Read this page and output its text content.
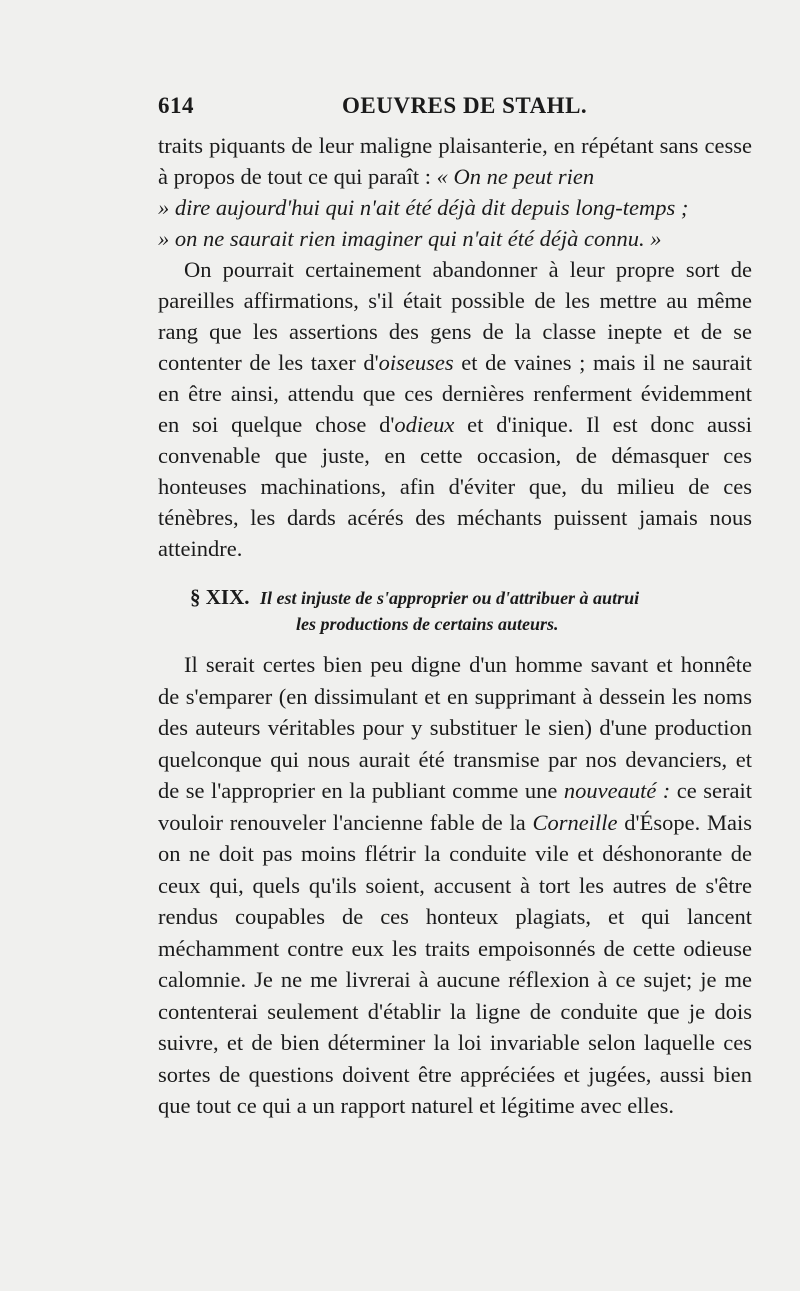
614	OEUVRES DE STAHL.

traits piquants de leur maligne plaisanterie, en répétant sans cesse à propos de tout ce qui paraît : « On ne peut rien
» dire aujourd'hui qui n'ait été déjà dit depuis long-temps ;
» on ne saurait rien imaginer qui n'ait été déjà connu. »

On pourrait certainement abandonner à leur propre sort de pareilles affirmations, s'il était possible de les mettre au même rang que les assertions des gens de la classe inepte et de se contenter de les taxer d'oiseuses et de vaines ; mais il ne saurait en être ainsi, attendu que ces dernières renferment évidemment en soi quelque chose d'odieux et d'inique. Il est donc aussi convenable que juste, en cette occasion, de démasquer ces honteuses machinations, afin d'éviter que, du milieu de ces ténèbres, les dards acérés des méchants puissent jamais nous atteindre.

§ XIX. Il est injuste de s'approprier ou d'attribuer à autrui
les productions de certains auteurs.

Il serait certes bien peu digne d'un homme savant et honnête de s'emparer (en dissimulant et en supprimant à dessein les noms des auteurs véritables pour y substituer le sien) d'une production quelconque qui nous aurait été transmise par nos devanciers, et de se l'approprier en la publiant comme une nouveauté : ce serait vouloir renouveler l'ancienne fable de la Corneille d'Ésope. Mais on ne doit pas moins flétrir la conduite vile et déshonorante de ceux qui, quels qu'ils soient, accusent à tort les autres de s'être rendus coupables de ces honteux plagiats, et qui lancent méchamment contre eux les traits empoisonnés de cette odieuse calomnie. Je ne me livrerai à aucune réflexion à ce sujet; je me contenterai seulement d'établir la ligne de conduite que je dois suivre, et de bien déterminer la loi invariable selon laquelle ces sortes de questions doivent être appréciées et jugées, aussi bien que tout ce qui a un rapport naturel et légitime avec elles.
